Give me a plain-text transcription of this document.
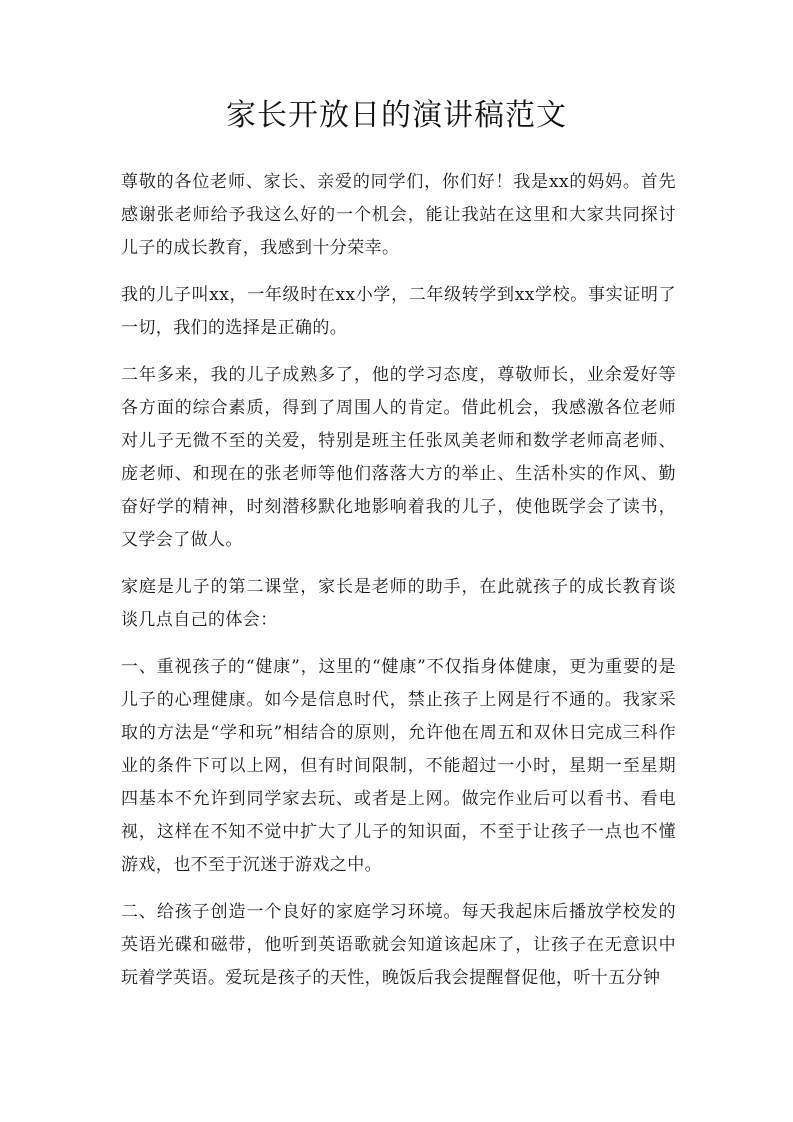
家长开放日的演讲稿范文

尊敬的各位老师、家长、亲爱的同学们，你们好！我是xx的妈妈。首先感谢张老师给予我这么好的一个机会，能让我站在这里和大家共同探讨儿子的成长教育，我感到十分荣幸。

我的儿子叫xx，一年级时在xx小学，二年级转学到xx学校。事实证明了一切，我们的选择是正确的。

二年多来，我的儿子成熟多了，他的学习态度，尊敬师长，业余爱好等各方面的综合素质，得到了周围人的肯定。借此机会，我感激各位老师对儿子无微不至的关爱，特别是班主任张凤美老师和数学老师高老师、庞老师、和现在的张老师等他们落落大方的举止、生活朴实的作风、勤奋好学的精神，时刻潜移默化地影响着我的儿子，使他既学会了读书，又学会了做人。

家庭是儿子的第二课堂，家长是老师的助手，在此就孩子的成长教育谈谈几点自己的体会：

一、重视孩子的“健康”，这里的“健康”不仅指身体健康，更为重要的是儿子的心理健康。如今是信息时代，禁止孩子上网是行不通的。我家采取的方法是“学和玩”相结合的原则，允许他在周五和双休日完成三科作业的条件下可以上网，但有时间限制，不能超过一小时，星期一至星期四基本不允许到同学家去玩、或者是上网。做完作业后可以看书、看电视，这样在不知不觉中扩大了儿子的知识面，不至于让孩子一点也不懂游戏，也不至于沉迷于游戏之中。

二、给孩子创造一个良好的家庭学习环境。每天我起床后播放学校发的英语光碟和磁带，他听到英语歌就会知道该起床了，让孩子在无意识中玩着学英语。爱玩是孩子的天性，晚饭后我会提醒督促他，听十五分钟
